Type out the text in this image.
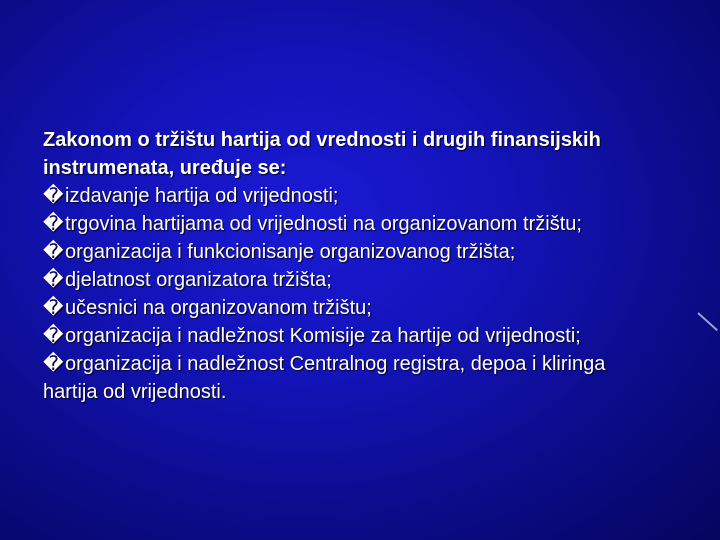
Zakonom o tržištu hartija od vrednosti i drugih finansijskih instrumenata, uređuje se:

�izdavanje hartija od vrijednosti;
�trgovina hartijama od vrijednosti na organizovanom tržištu;
�organizacija i funkcionisanje organizovanog tržišta;
�djelatnost organizatora tržišta;
�učesnici na organizovanom tržištu;
�organizacija i nadležnost Komisije za hartije od vrijednosti;
�organizacija i nadležnost Centralnog registra, depoa i kliringa hartija od vrijednosti.
